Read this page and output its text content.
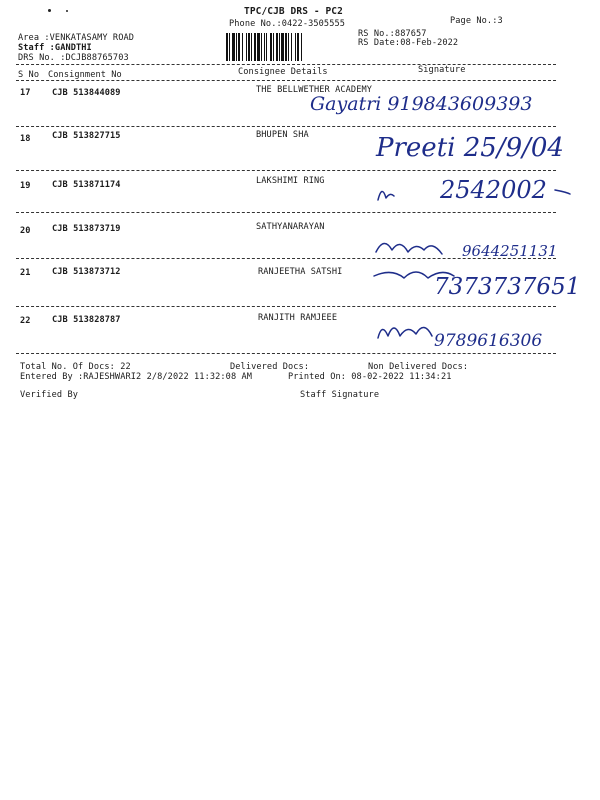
TPC/CJB DRS - PC2
Phone No.:0422-3505555	Page No.:3
Area :VENKATASAMY ROAD
Staff :GANDTHI
DRS No. :DCJB88765703
RS No.:887657
RS Date:08-Feb-2022
S No Consignment No	Consignee Details	Signature
17 CJB 513844089	THE BELLWETHER ACADEMY
Gayatri 919843609393
18 CJB 513827715	BHUPEN SHA	Preeti 25/9/04
19 CJB 513871174	LAKSHIMI RING	2542002
20 CJB 513873719	SATHYANARAYAN
9644251131
21 CJB 513873712	RANJEETHA SATSHI
7373737651
22 CJB 513828787	RANJITH RAMJEEE
9789616306
Total No. Of Docs: 22	Delivered Docs:	Non Delivered Docs:
Entered By :RAJESHWARI2 2/8/2022 11:32:08 AM	Printed On: 08-02-2022 11:34:21
Verified By	Staff Signature
